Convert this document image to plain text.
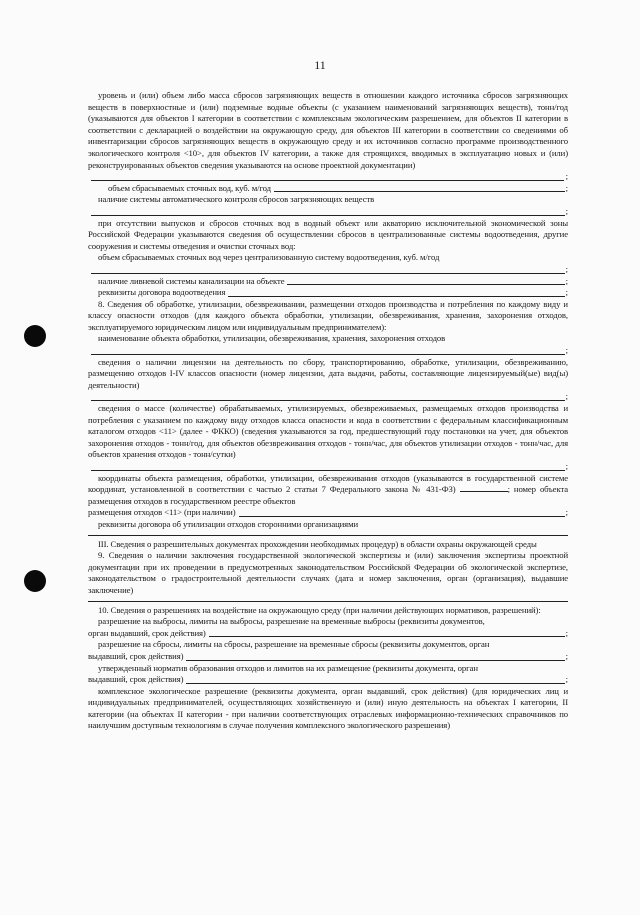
11

уровень и (или) объем либо масса сбросов загрязняющих веществ в отношении каждого источника сбросов загрязняющих веществ в поверхностные и (или) подземные водные объекты (с указанием наименований загрязняющих веществ), тонн/год (указываются для объектов I категории в соответствии с комплексным экологическим разрешением, для объектов II категории в соответствии с декларацией о воздействии на окружающую среду, для объектов III категории в соответствии со сведениями об инвентаризации сбросов загрязняющих веществ в окружающую среду и их источников согласно программе производственного экологического контроля <10>, для объектов IV категории, а также для строящихся, вводимых в эксплуатацию новых и (или) реконструированных объектов сведения указываются на основе проектной документации)

;
объем сбрасываемых сточных вод, куб. м/год	;

наличие системы автоматического контроля сбросов загрязняющих веществ

;

при отсутствии выпусков и сбросов сточных вод в водный объект или акваторию исключительной экономической зоны Российской Федерации указываются сведения об осуществлении сбросов в централизованные системы водоотведения, другие сооружения и системы отведения и очистки сточных вод:

объем сбрасываемых сточных вод через централизованную систему водоотведения, куб. м/год

;
наличие ливневой системы канализации на объекте	;
реквизиты договора водоотведения	;

8. Сведения об обработке, утилизации, обезвреживании, размещении отходов производства и потребления по каждому виду и классу опасности отходов (для каждого объекта обработки, утилизации, обезвреживания, хранения, захоронения отходов, эксплуатируемого юридическим лицом или индивидуальным предпринимателем):

наименование объекта обработки, утилизации, обезвреживания, хранения, захоронения отходов

;

сведения о наличии лицензии на деятельность по сбору, транспортированию, обработке, утилизации, обезвреживанию, размещению отходов I-IV классов опасности (номер лицензии, дата выдачи, работы, составляющие лицензируемый(ые) вид(ы) деятельности)

;

сведения о массе (количестве) обрабатываемых, утилизируемых, обезвреживаемых, размещаемых отходов производства и потребления с указанием по каждому виду отходов класса опасности и кода в соответствии с федеральным классификационным каталогом отходов <11> (далее - ФККО) (сведения указываются за год, предшествующий году постановки на учет, для объектов захоронения отходов - тонн/год, для объектов обезвреживания отходов - тонн/час, для объектов утилизации отходов - тонн/час, для объектов хранения отходов - тонн/сутки)

;

координаты объекта размещения, обработки, утилизации, обезвреживания отходов (указываются в государственной системе координат, установленной в соответствии с частью 2 статьи 7 Федерального закона № 431-ФЗ)	; номер объекта размещения отходов в государственном реестре объектов

размещения отходов <11> (при наличии)	;

реквизиты договора об утилизации отходов сторонними организациями

III. Сведения о разрешительных документах прохождении необходимых процедур) в области охраны окружающей среды

9. Сведения о наличии заключения государственной экологической экспертизы и (или) заключения экспертизы проектной документации при их проведении в предусмотренных законодательством Российской Федерации об экологической экспертизе, законодательством о градостроительной деятельности случаях (дата и номер заключения, орган (организация), выдавшие заключение)

10. Сведения о разрешениях на воздействие на окружающую среду (при наличии действующих нормативов, разрешений):

разрешение на выбросы, лимиты на выбросы, разрешение на временные выбросы (реквизиты документов,

орган выдавший, срок действия)	;

разрешение на сбросы, лимиты на сбросы, разрешение на временные сбросы (реквизиты документов, орган

выдавший, срок действия)	;

утвержденный норматив образования отходов и лимитов на их размещение (реквизиты документа, орган

выдавший, срок действия)	;

комплексное экологическое разрешение (реквизиты документа, орган выдавший, срок действия) (для юридических лиц и индивидуальных предпринимателей, осуществляющих хозяйственную и (или) иную деятельность на объектах I категории, II категории (на объектах II категории - при наличии соответствующих отраслевых информационно-технических справочников по наилучшим доступным технологиям в случае получения комплексного экологического разрешения)
